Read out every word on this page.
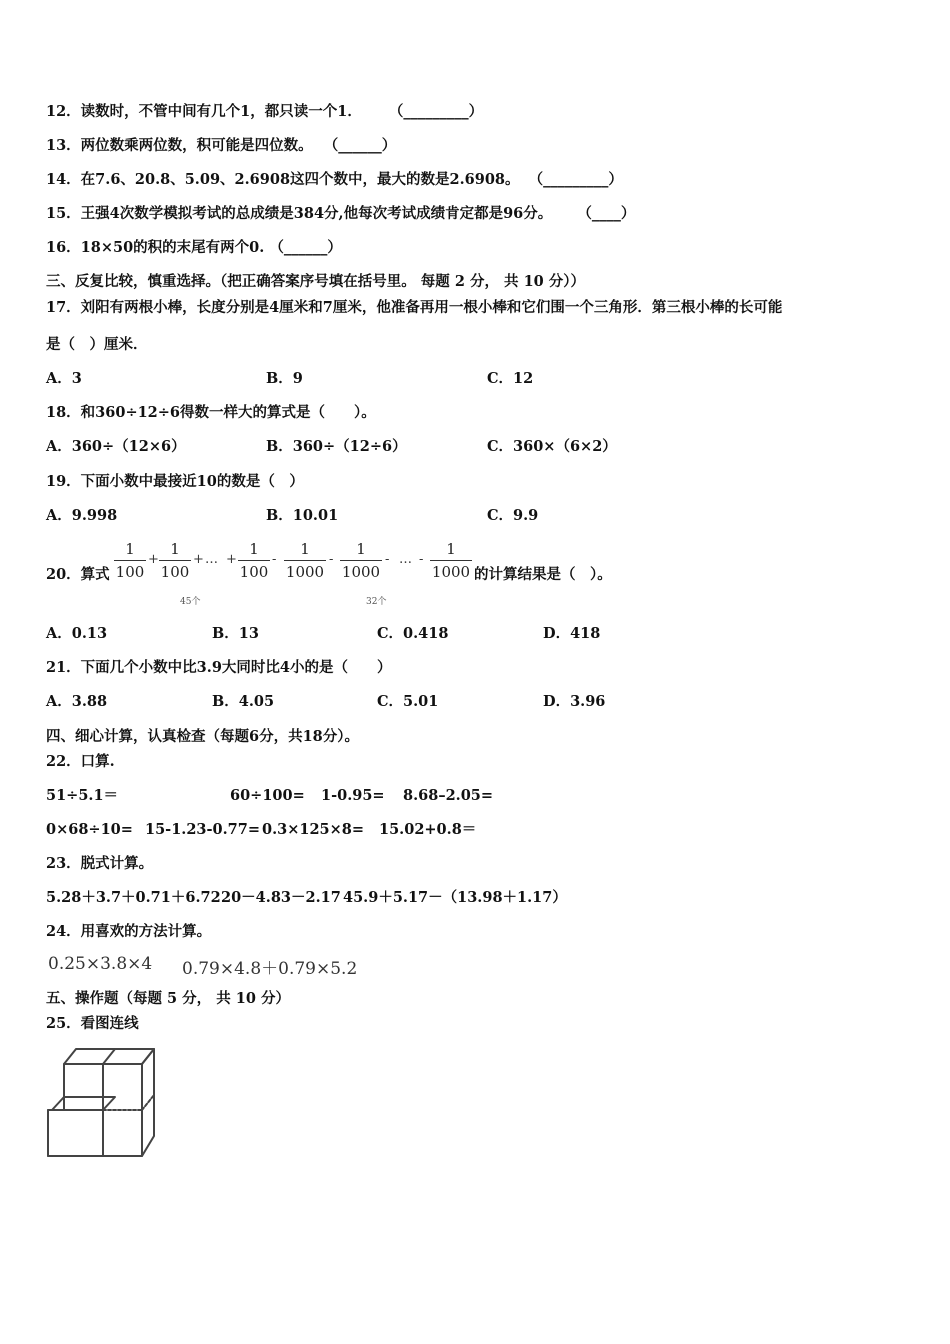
12．读数时，不管中间有几个1，都只读一个1． （_________）
13．两位数乘两位数，积可能是四位数。 （______）
14．在7.6、20.8、5.09、2.6908这四个数中，最大的数是2.6908。 （_________）
15．王强4次数学模拟考试的总成绩是384分,他每次考试成绩肯定都是96分。 （____）
16．18×50的积的末尾有两个0. （______）
三、反复比较，慎重选择。（把正确答案序号填在括号里。 每题 2 分， 共 10 分））
17．刘阳有两根小棒，长度分别是4厘米和7厘米，他准备再用一根小棒和它们围一个三角形．第三根小棒的长可能
是（　）厘米．
A．3	B．9	C．12
18．和360÷12÷6得数一样大的算式是（　　）。
A．360÷（12×6）	B．360÷（12÷6）	C．360×（6×2）
19．下面小数中最接近10的数是（　）
A．9.998	B．10.01	C．9.9
20．算式
1
100
+
1
100
+ … +
1
100
45个
-
1
1000
-
1
1000
- … -
1
1000
32个
的计算结果是（　）。
A．0.13	B．13	C．0.418	D．418
21．下面几个小数中比3.9大同时比4小的是（　　）
A．3.88	B．4.05	C．5.01	D．3.96
四、细心计算，认真检查（每题6分，共18分）。
22．口算.
51÷5.1＝	60÷100= 1-0.95= 8.68–2.05=
0×68÷10= 15-1.23-0.77= 0.3×125×8= 15.02+0.8＝
23．脱式计算。
5.28＋3.7＋0.71＋6.72 20－4.83－2.17 45.9＋5.17－（13.98＋1.17）
24．用喜欢的方法计算。
0.25×3.8×4 0.79×4.8＋0.79×5.2
五、操作题（每题 5 分， 共 10 分）
25．看图连线
